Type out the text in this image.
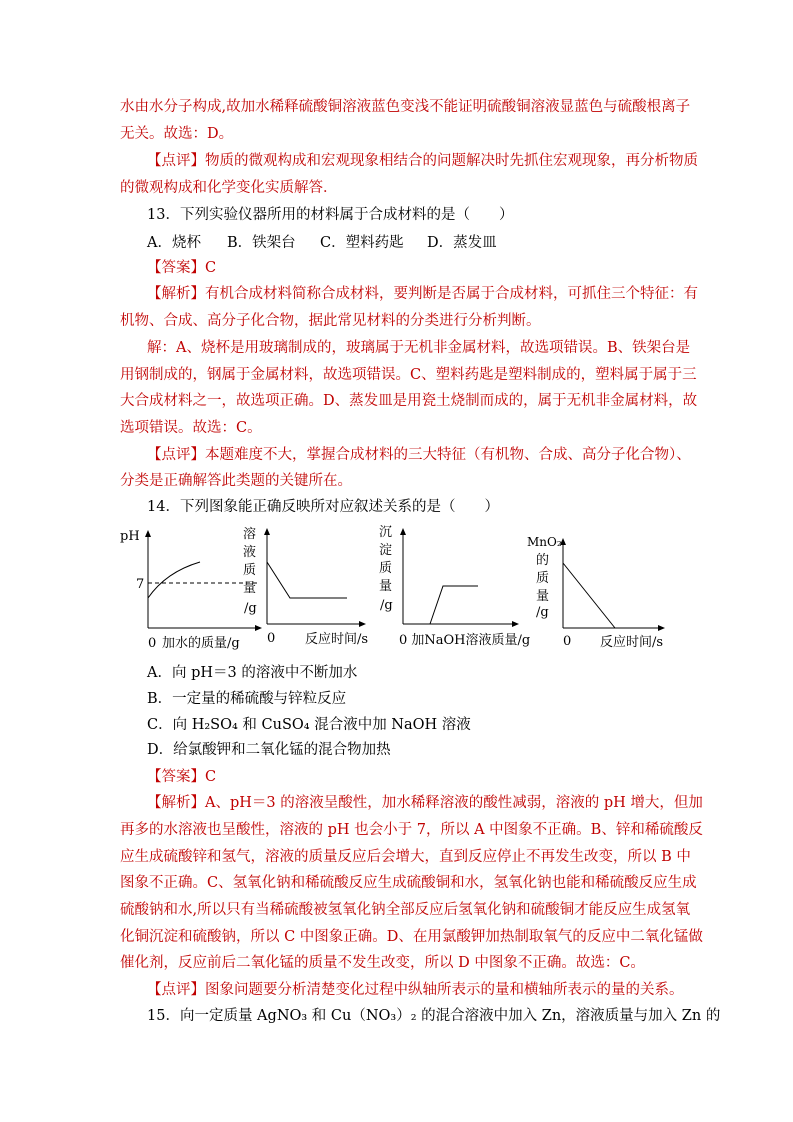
水由水分子构成,故加水稀释硫酸铜溶液蓝色变浅不能证明硫酸铜溶液显蓝色与硫酸根离子
无关。故选：D。
【点评】物质的微观构成和宏观现象相结合的问题解决时先抓住宏观现象，再分析物质
的微观构成和化学变化实质解答．
13．下列实验仪器所用的材料属于合成材料的是（　　）
A．烧杯 B．铁架台 C．塑料药匙 D．蒸发皿
【答案】C
【解析】有机合成材料简称合成材料，要判断是否属于合成材料，可抓住三个特征：有
机物、合成、高分子化合物，据此常见材料的分类进行分析判断。
解：A、烧杯是用玻璃制成的，玻璃属于无机非金属材料，故选项错误。B、铁架台是
用钢制成的，钢属于金属材料，故选项错误。C、塑料药匙是塑料制成的，塑料属于属于三
大合成材料之一，故选项正确。D、蒸发皿是用瓷土烧制而成的，属于无机非金属材料，故
选项错误。故选：C。
【点评】本题难度不大，掌握合成材料的三大特征（有机物、合成、高分子化合物）、
分类是正确解答此类题的关键所在。
14．下列图象能正确反映所对应叙述关系的是（　　）
pH
7
0 加水的质量/g
溶
液
质
量
/g
0 反应时间/s
沉
淀
质
量
/g
0 加NaOH溶液质量/g
MnO₂
的
质
量
/g
0 反应时间/s
A．向 pH＝3 的溶液中不断加水
B．一定量的稀硫酸与锌粒反应
C．向 H₂SO₄ 和 CuSO₄ 混合液中加 NaOH 溶液
D．给氯酸钾和二氧化锰的混合物加热
【答案】C
【解析】A、pH＝3 的溶液呈酸性，加水稀释溶液的酸性减弱，溶液的 pH 增大，但加
再多的水溶液也呈酸性，溶液的 pH 也会小于 7，所以 A 中图象不正确。B、锌和稀硫酸反
应生成硫酸锌和氢气，溶液的质量反应后会增大，直到反应停止不再发生改变，所以 B 中
图象不正确。C、氢氧化钠和稀硫酸反应生成硫酸铜和水，氢氧化钠也能和稀硫酸反应生成
硫酸钠和水,所以只有当稀硫酸被氢氧化钠全部反应后氢氧化钠和硫酸铜才能反应生成氢氧
化铜沉淀和硫酸钠，所以 C 中图象正确。D、在用氯酸钾加热制取氧气的反应中二氧化锰做
催化剂，反应前后二氧化锰的质量不发生改变，所以 D 中图象不正确。故选：C。
【点评】图象问题要分析清楚变化过程中纵轴所表示的量和横轴所表示的量的关系。
15．向一定质量 AgNO₃ 和 Cu（NO₃）₂ 的混合溶液中加入 Zn，溶液质量与加入 Zn 的
